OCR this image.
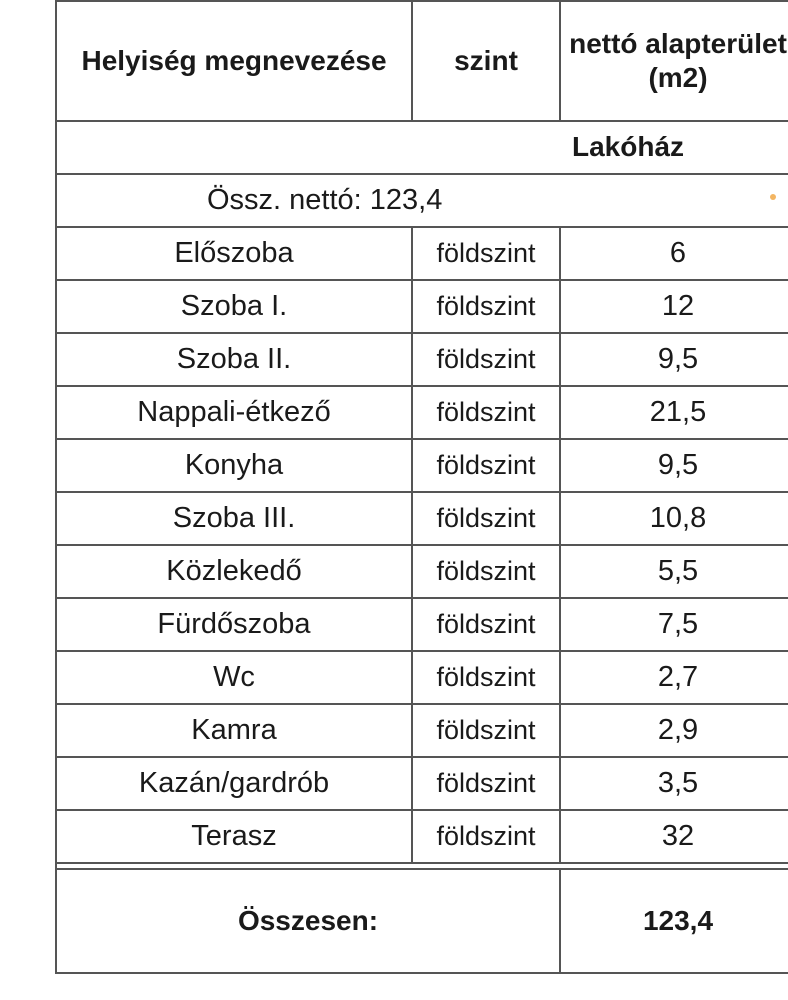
Helyiség megnevezése	szint	nettó alapterület (m2)
Lakóház		
Össz. nettó: 123,4		
Előszoba	földszint	6
Szoba I.	földszint	12
Szoba II.	földszint	9,5
Nappali-étkező	földszint	21,5
Konyha	földszint	9,5
Szoba III.	földszint	10,8
Közlekedő	földszint	5,5
Fürdőszoba	földszint	7,5
Wc	földszint	2,7
Kamra	földszint	2,9
Kazán/gardrób	földszint	3,5
Terasz	földszint	32

Összesen:		123,4
